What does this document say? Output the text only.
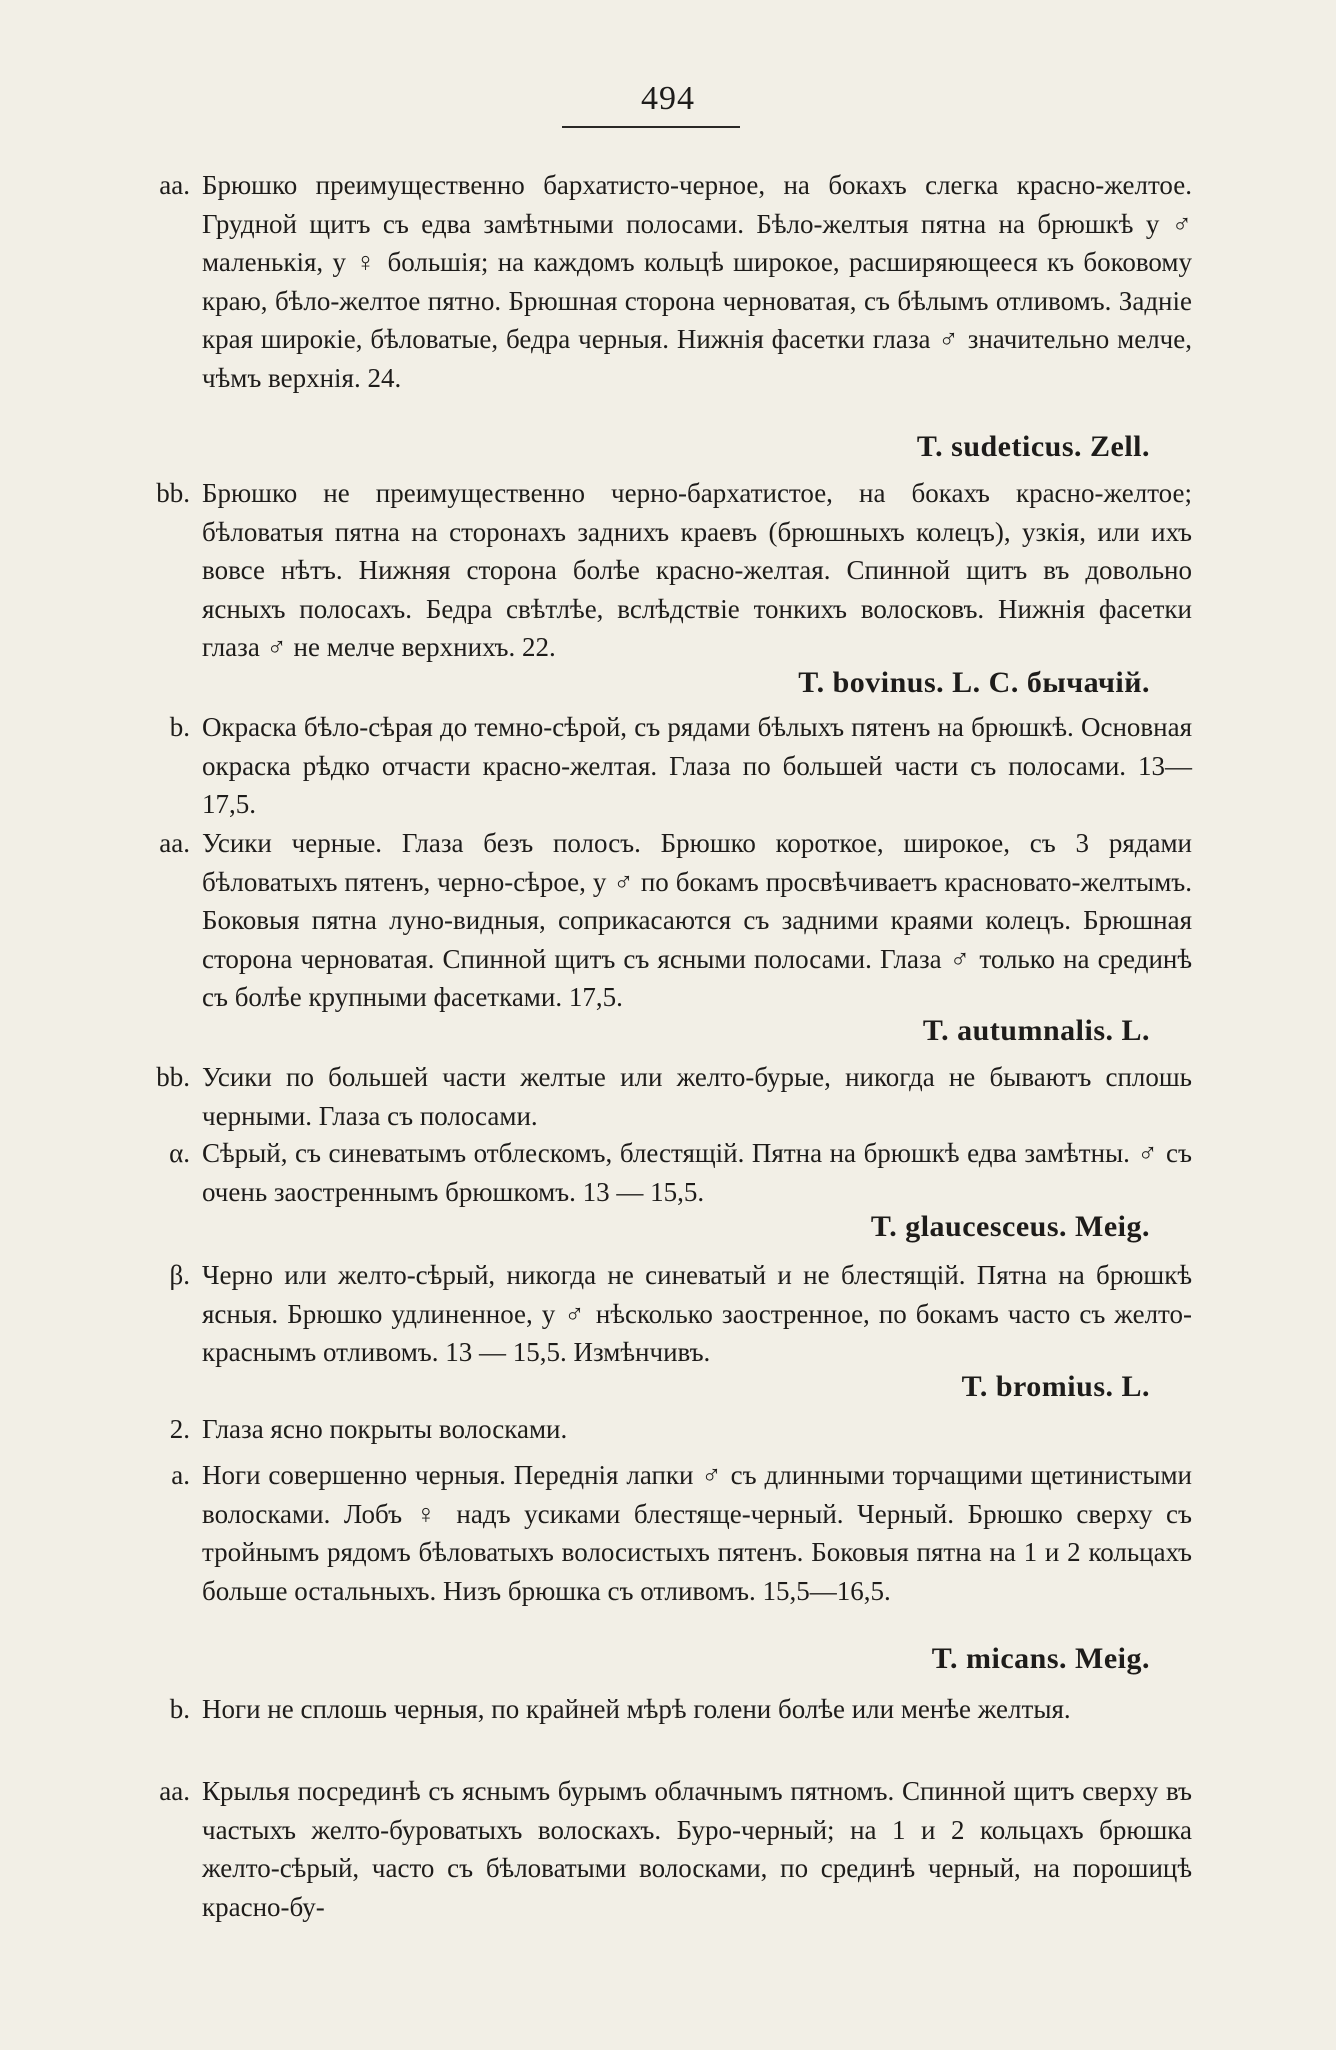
494
aa. Брюшко преимущественно бархатисто-черное, на бокахъ слегка красно-желтое. Грудной щитъ съ едва замѣтными полосами. Бѣло-желтыя пятна на брюшкѣ у ♂ маленькія, у ♀ большія; на каждомъ кольцѣ широкое, расширяющееся къ боковому краю, бѣло-желтое пятно. Брюшная сторона черноватая, съ бѣлымъ отливомъ. Задніе края широкіе, бѣловатые, бедра черныя. Нижнія фасетки глаза ♂ значительно мелче, чѣмъ верхнія. 24.
T. sudeticus. Zell.
bb. Брюшко не преимущественно черно-бархатистое, на бокахъ красно-желтое; бѣловатыя пятна на сторонахъ заднихъ краевъ (брюшныхъ колецъ), узкія, или ихъ вовсе нѣтъ. Нижняя сторона болѣе красно-желтая. Спинной щитъ въ довольно ясныхъ полосахъ. Бедра свѣтлѣе, вслѣдствіе тонкихъ волосковъ. Нижнія фасетки глаза ♂ не мелче верхнихъ. 22.
T. bovinus. L. С. бычачій.
b. Окраска бѣло-сѣрая до темно-сѣрой, съ рядами бѣлыхъ пятенъ на брюшкѣ. Основная окраска рѣдко отчасти красно-желтая. Глаза по большей части съ полосами. 13—17,5.
aa. Усики черные. Глаза безъ полосъ. Брюшко короткое, широкое, съ 3 рядами бѣловатыхъ пятенъ, черно-сѣрое, у ♂ по бокамъ просвѣчиваетъ красновато-желтымъ. Боковыя пятна луно-видныя, соприкасаются съ задними краями колецъ. Брюшная сторона черноватая. Спинной щитъ съ ясными полосами. Глаза ♂ только на срединѣ съ болѣе крупными фасетками. 17,5.
T. autumnalis. L.
bb. Усики по большей части желтые или желто-бурые, никогда не бываютъ сплошь черными. Глаза съ полосами.
α. Сѣрый, съ синеватымъ отблескомъ, блестящій. Пятна на брюшкѣ едва замѣтны. ♂ съ очень заостреннымъ брюшкомъ. 13 — 15,5.
T. glaucesceus. Meig.
β. Черно или желто-сѣрый, никогда не синеватый и не блестящій. Пятна на брюшкѣ ясныя. Брюшко удлиненное, у ♂ нѣсколько заостренное, по бокамъ часто съ желто-краснымъ отливомъ. 13 — 15,5. Измѣнчивъ.
T. bromius. L.
2. Глаза ясно покрыты волосками.
a. Ноги совершенно черныя. Переднія лапки ♂ съ длинными торчащими щетинистыми волосками. Лобъ ♀ надъ усиками блестяще-черный. Черный. Брюшко сверху съ тройнымъ рядомъ бѣловатыхъ волосистыхъ пятенъ. Боковыя пятна на 1 и 2 кольцахъ больше остальныхъ. Низъ брюшка съ отливомъ. 15,5—16,5.
T. micans. Meig.
b. Ноги не сплошь черныя, по крайней мѣрѣ голени болѣе или менѣе желтыя.
aa. Крылья посрединѣ съ яснымъ бурымъ облачнымъ пятномъ. Спинной щитъ сверху въ частыхъ желто-буроватыхъ волоскахъ. Буро-черный; на 1 и 2 кольцахъ брюшка желто-сѣрый, часто съ бѣловатыми волосками, по срединѣ черный, на порошицѣ красно-бу-
